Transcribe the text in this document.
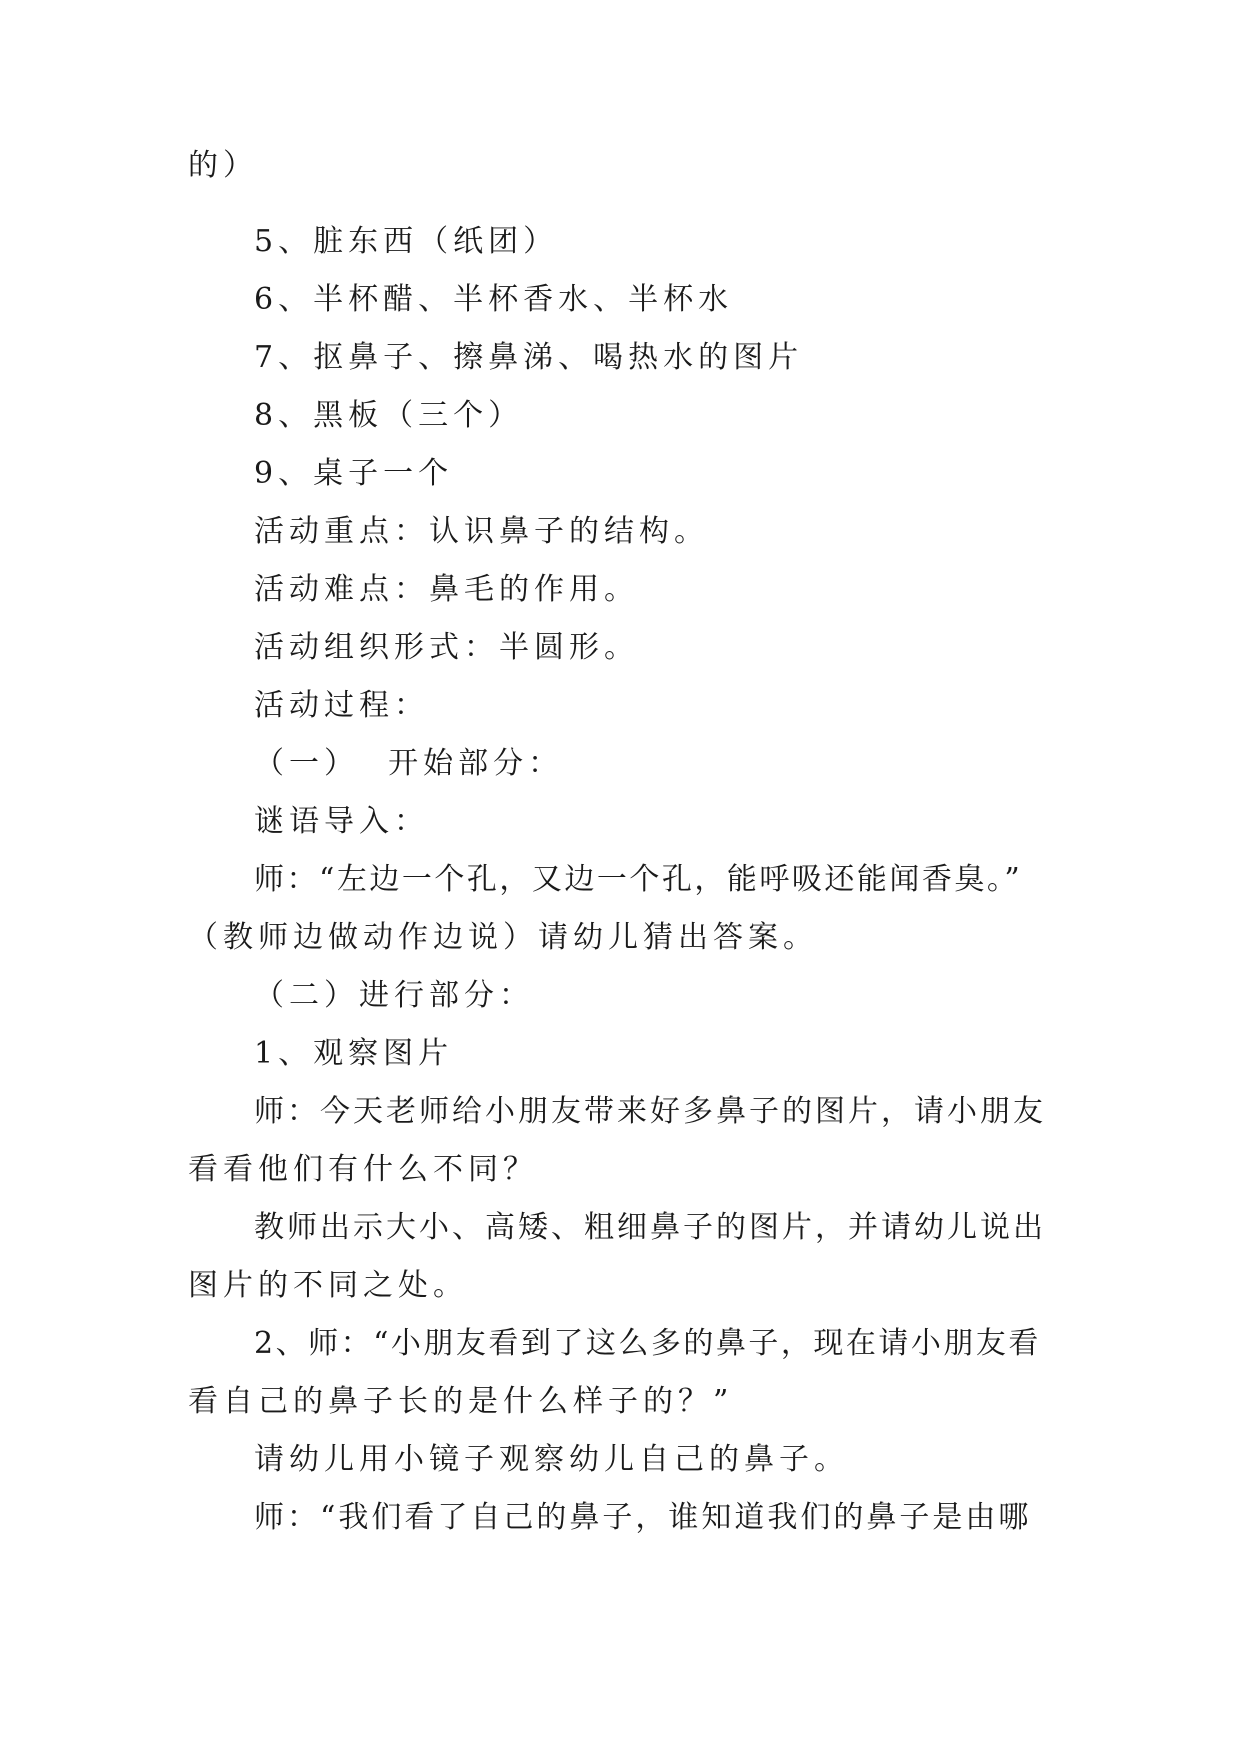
的）
5、脏东西（纸团）
6、半杯醋、半杯香水、半杯水
7、抠鼻子、擦鼻涕、喝热水的图片
8、黑板（三个）
9、桌子一个
活动重点：认识鼻子的结构。
活动难点：鼻毛的作用。
活动组织形式：半圆形。
活动过程：
（一）  开始部分：
谜语导入：
师：“左边一个孔，又边一个孔，能呼吸还能闻香臭。”
（教师边做动作边说）请幼儿猜出答案。
（二）进行部分：
1、观察图片
师：今天老师给小朋友带来好多鼻子的图片，请小朋友
看看他们有什么不同？
教师出示大小、高矮、粗细鼻子的图片，并请幼儿说出
图片的不同之处。
2、师：“小朋友看到了这么多的鼻子，现在请小朋友看
看自己的鼻子长的是什么样子的？”
请幼儿用小镜子观察幼儿自己的鼻子。
师：“我们看了自己的鼻子，谁知道我们的鼻子是由哪
